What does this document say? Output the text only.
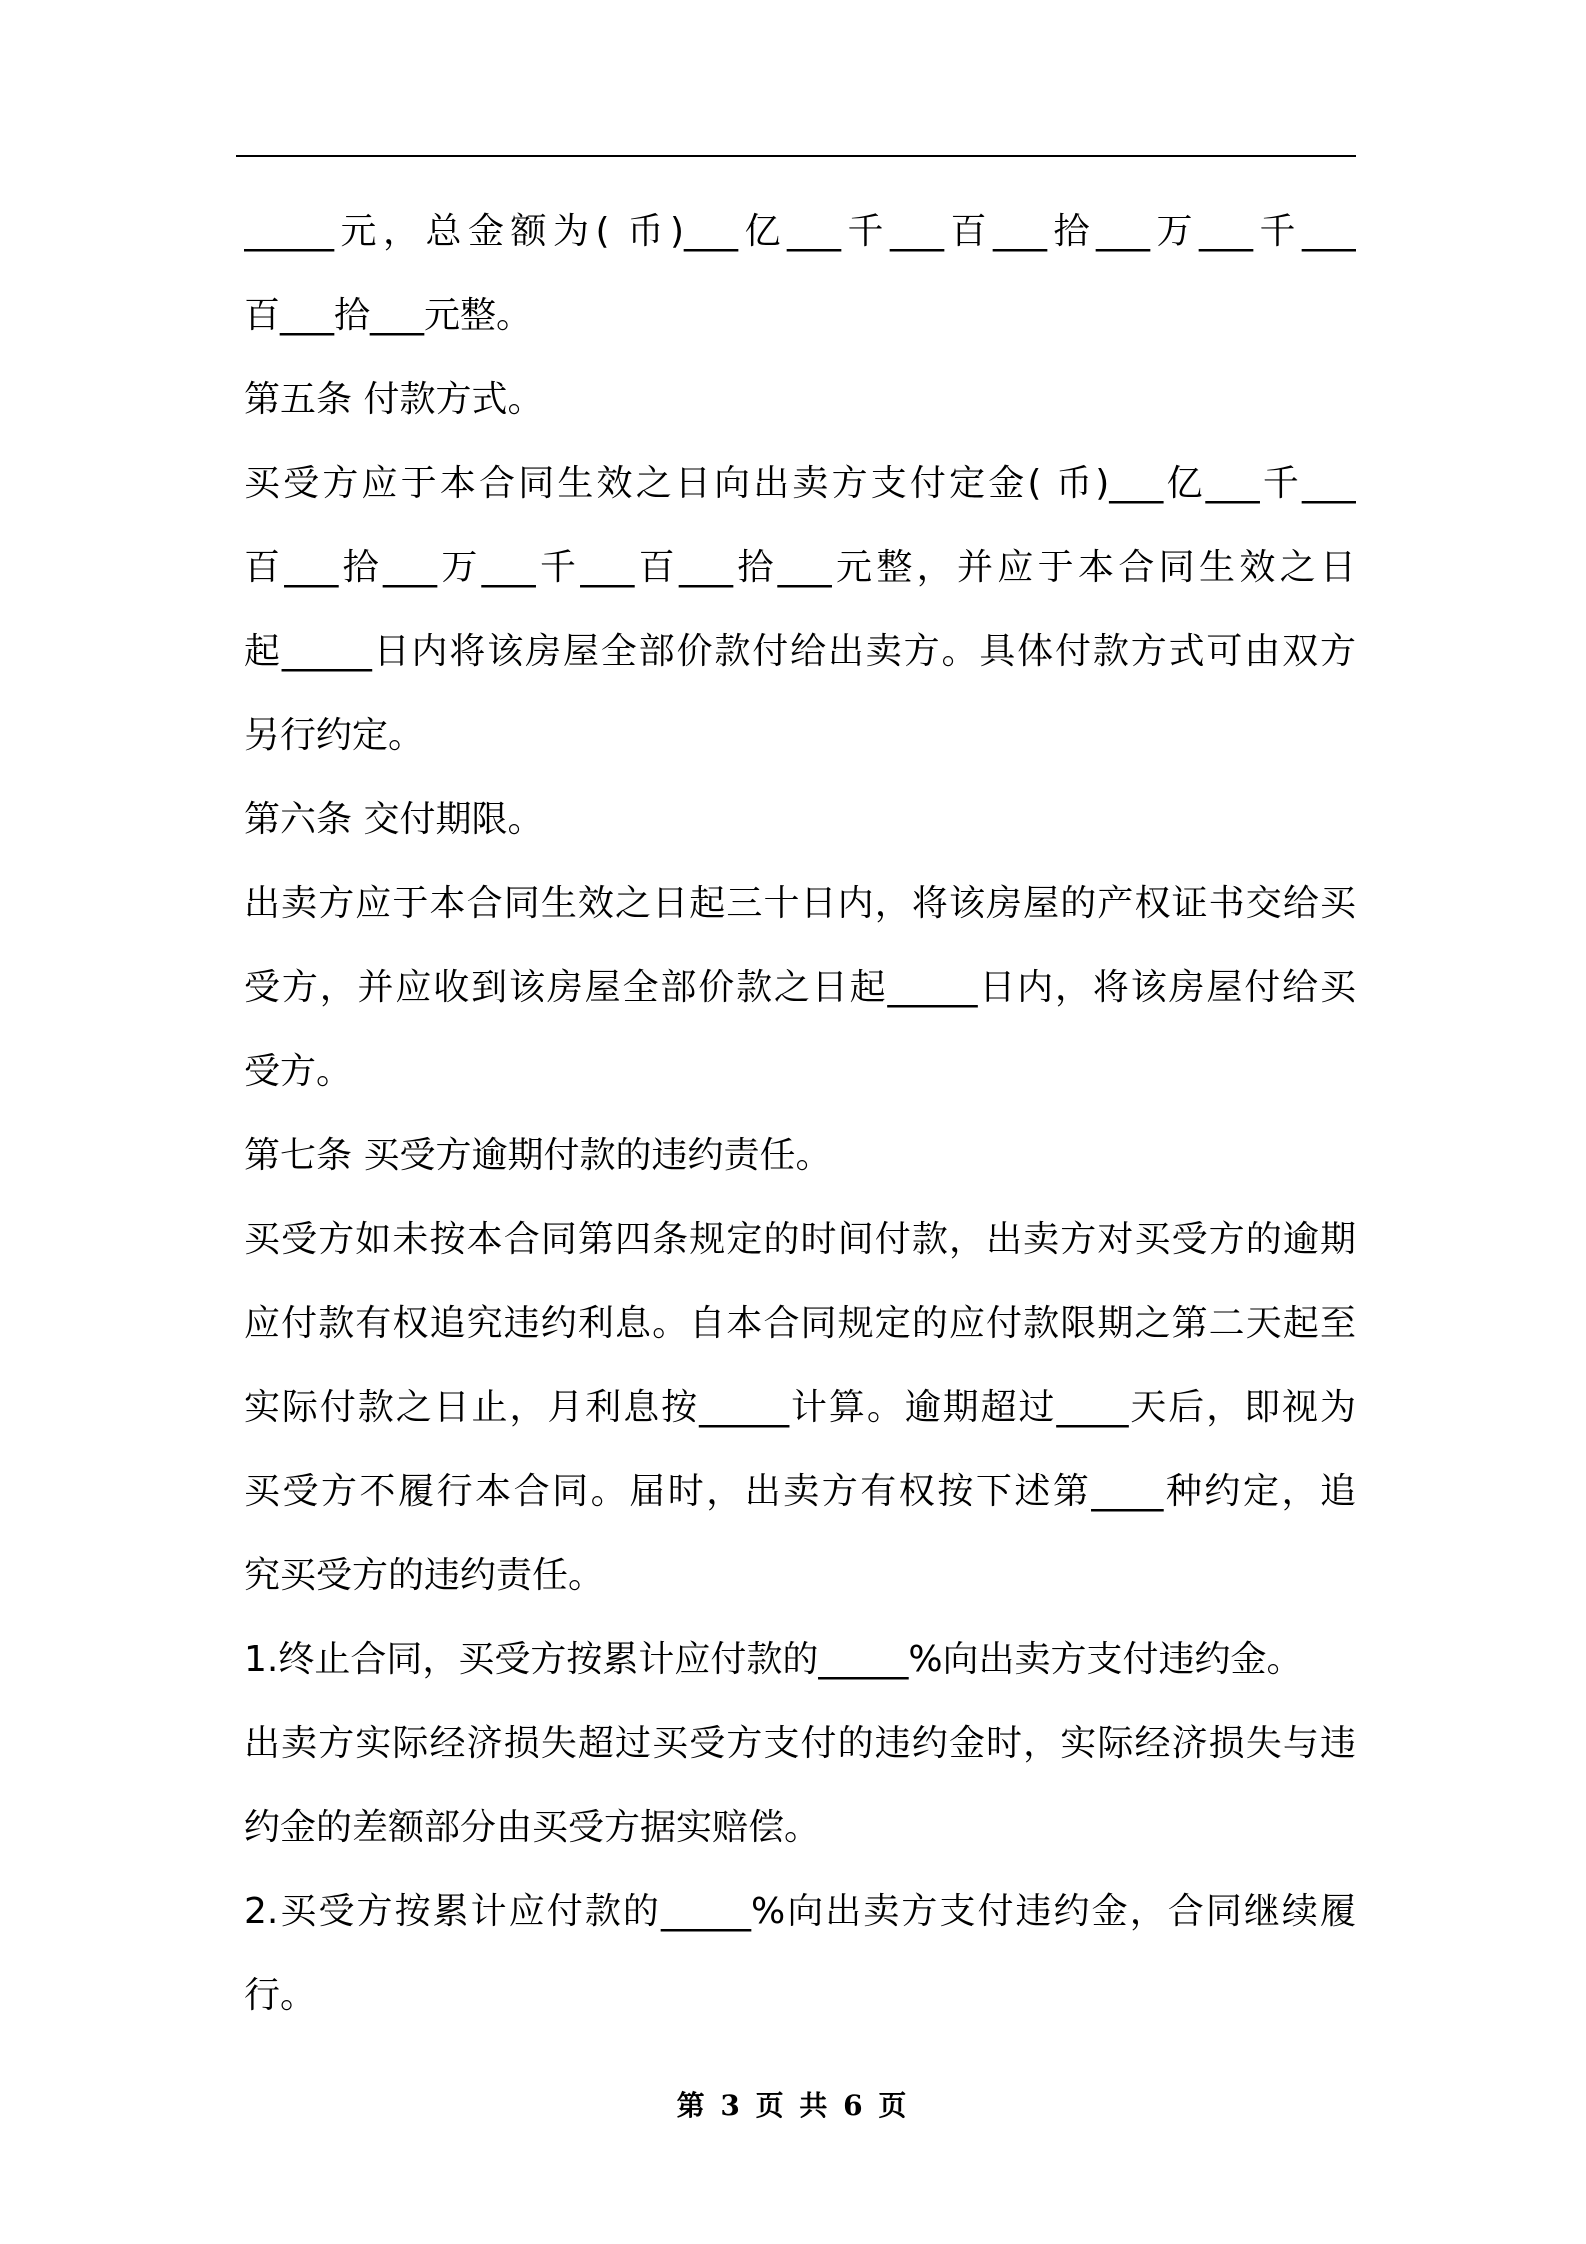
_____元，总金额为( 币)___亿___千___百___拾___万___千___
百___拾___元整。
第五条 付款方式。
买受方应于本合同生效之日向出卖方支付定金( 币)___亿___千___
百___拾___万___千___百___拾___元整，并应于本合同生效之日
起_____日内将该房屋全部价款付给出卖方。具体付款方式可由双方
另行约定。
第六条 交付期限。
出卖方应于本合同生效之日起三十日内，将该房屋的产权证书交给买
受方，并应收到该房屋全部价款之日起_____日内，将该房屋付给买
受方。
第七条 买受方逾期付款的违约责任。
买受方如未按本合同第四条规定的时间付款，出卖方对买受方的逾期
应付款有权追究违约利息。自本合同规定的应付款限期之第二天起至
实际付款之日止，月利息按_____计算。逾期超过____天后，即视为
买受方不履行本合同。届时，出卖方有权按下述第____种约定，追
究买受方的违约责任。
1.终止合同，买受方按累计应付款的_____%向出卖方支付违约金。
出卖方实际经济损失超过买受方支付的违约金时，实际经济损失与违
约金的差额部分由买受方据实赔偿。
2.买受方按累计应付款的_____%向出卖方支付违约金，合同继续履
行。
第 3 页 共 6 页
